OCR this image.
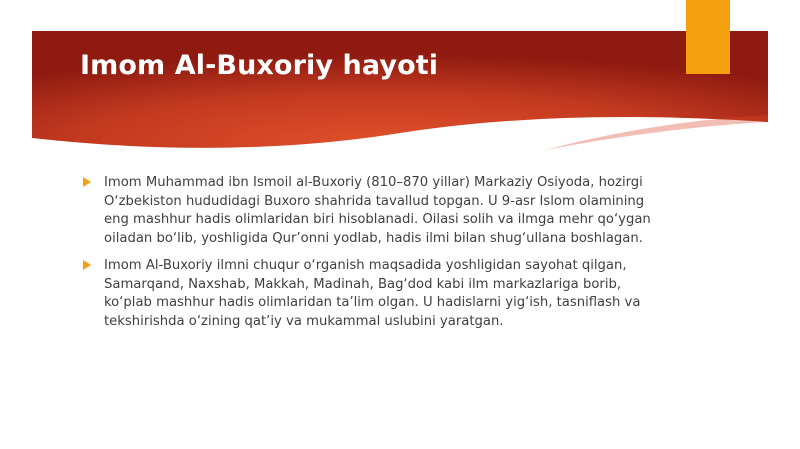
Imom Al-Buxoriy hayoti
Imom Muhammad ibn Ismoil al-Buxoriy (810–870 yillar) Markaziy Osiyoda, hozirgi O‘zbekiston hududidagi Buxoro shahrida tavallud topgan. U 9-asr Islom olamining eng mashhur hadis olimlaridan biri hisoblanadi. Oilasi solih va ilmga mehr qo‘ygan oiladan bo‘lib, yoshligida Qur’onni yodlab, hadis ilmi bilan shug‘ullana boshlagan.
Imom Al-Buxoriy ilmni chuqur o‘rganish maqsadida yoshligidan sayohat qilgan, Samarqand, Naxshab, Makkah, Madinah, Bag‘dod kabi ilm markazlariga borib, ko‘plab mashhur hadis olimlaridan ta’lim olgan. U hadislarni yig‘ish, tasniflash va tekshirishda o‘zining qat’iy va mukammal uslubini yaratgan.
